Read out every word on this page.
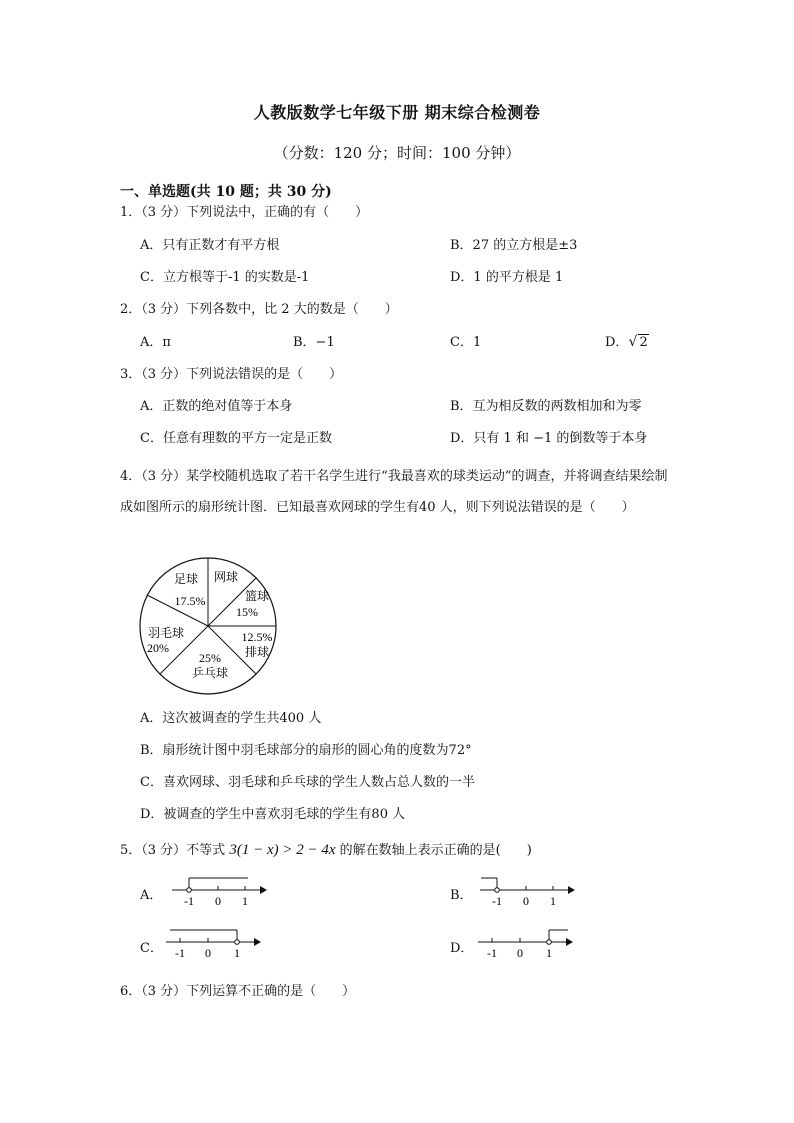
人教版数学七年级下册 期末综合检测卷
（分数：120 分；时间：100 分钟）
一、单选题(共 10 题；共 30 分)
1．（3 分）下列说法中，正确的有（　　）
A．只有正数才有平方根	B．27 的立方根是±3
C．立方根等于-1 的实数是-1	D．1 的平方根是 1
2．（3 分）下列各数中，比 2 大的数是（　　）
A．π	B．−1	C．1	D． √ 2
3．（3 分）下列说法错误的是（　　）
A．正数的绝对值等于本身	B．互为相反数的两数相加和为零
C．任意有理数的平方一定是正数	D．只有 1 和 −1 的倒数等于本身
4．（3 分）某学校随机选取了若干名学生进行“我最喜欢的球类运动”的调查，并将调查结果绘制成如图所示的扇形统计图．已知最喜欢网球的学生有40 人，则下列说法错误的是（　　）
网球
篮球
15%
12.5%
排球
25%
乒乓球
羽毛球
20%
足球
17.5%
A．这次被调查的学生共400 人
B．扇形统计图中羽毛球部分的扇形的圆心角的度数为72°
C．喜欢网球、羽毛球和乒乓球的学生人数占总人数的一半
D．被调查的学生中喜欢羽毛球的学生有80 人
5．（3 分）不等式 3(1 − x) > 2 − 4x 的解在数轴上表示正确的是(　　)
A． -1 0 1	B． -1 0 1
C． -1 0 1	D． -1 0 1
6．（3 分）下列运算不正确的是（　　）
